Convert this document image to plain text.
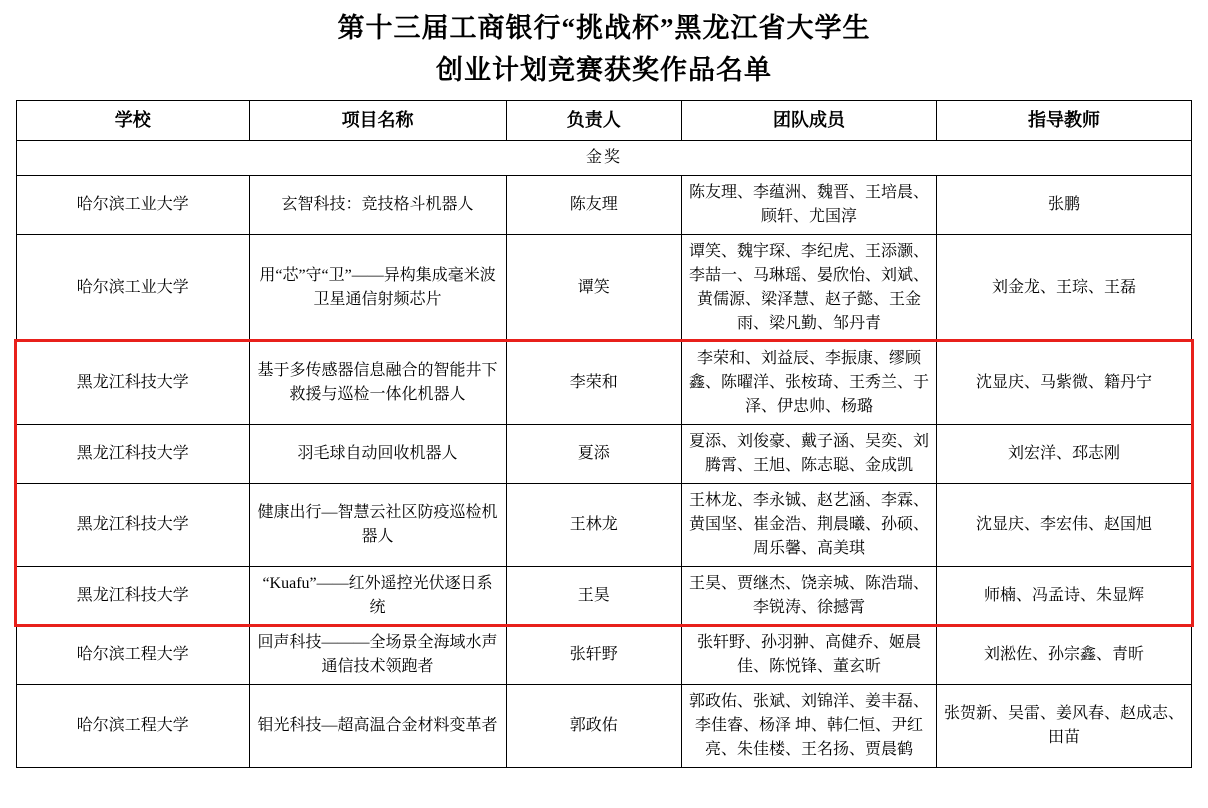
第十三届工商银行“挑战杯”黑龙江省大学生
创业计划竞赛获奖作品名单
金奖				
学校	项目名称	负责人	团队成员	指导教师
哈尔滨工业大学	玄智科技：竞技格斗机器人	陈友理	陈友理、李蕴洲、魏晋、王培晨、顾轩、尤国淳	张鹏
哈尔滨工业大学	用“芯”守“卫”——异构集成毫米波卫星通信射频芯片	谭笑	谭笑、魏宇琛、李纪虎、王添灏、李喆一、马琳瑶、晏欣怡、刘斌、黄儒源、梁泽慧、赵子懿、王金雨、梁凡勤、邹丹青	刘金龙、王琮、王磊
黑龙江科技大学	基于多传感器信息融合的智能井下救援与巡检一体化机器人	李荣和	李荣和、刘益辰、李振康、缪顾鑫、陈曜洋、张桉琦、王秀兰、于泽、伊忠帅、杨璐	沈显庆、马紫微、籍丹宁
黑龙江科技大学	羽毛球自动回收机器人	夏添	夏添、刘俊豪、戴子涵、吴奕、刘腾霄、王旭、陈志聪、金成凯	刘宏洋、邳志刚
黑龙江科技大学	健康出行—智慧云社区防疫巡检机器人	王林龙	王林龙、李永铖、赵艺涵、李霖、黄国坚、崔金浩、荆晨曦、孙硕、周乐馨、高美琪	沈显庆、李宏伟、赵国旭
黑龙江科技大学	“Kuafu”——红外遥控光伏逐日系统	王昊	王昊、贾继杰、饶亲城、陈浩瑞、李锐涛、徐撼霄	师楠、冯孟诗、朱显辉
哈尔滨工程大学	回声科技———全场景全海域水声通信技术领跑者	张轩野	张轩野、孙羽翀、高健乔、姬晨佳、陈悦锋、董玄昕	刘淞佐、孙宗鑫、青昕
哈尔滨工程大学	钼光科技—超高温合金材料变革者	郭政佑	郭政佑、张斌、刘锦洋、姜丰磊、李佳睿、杨泽 坤、韩仁恒、尹红亮、朱佳楼、王名扬、贾晨鹤	张贺新、吴雷、姜风春、赵成志、田苗
